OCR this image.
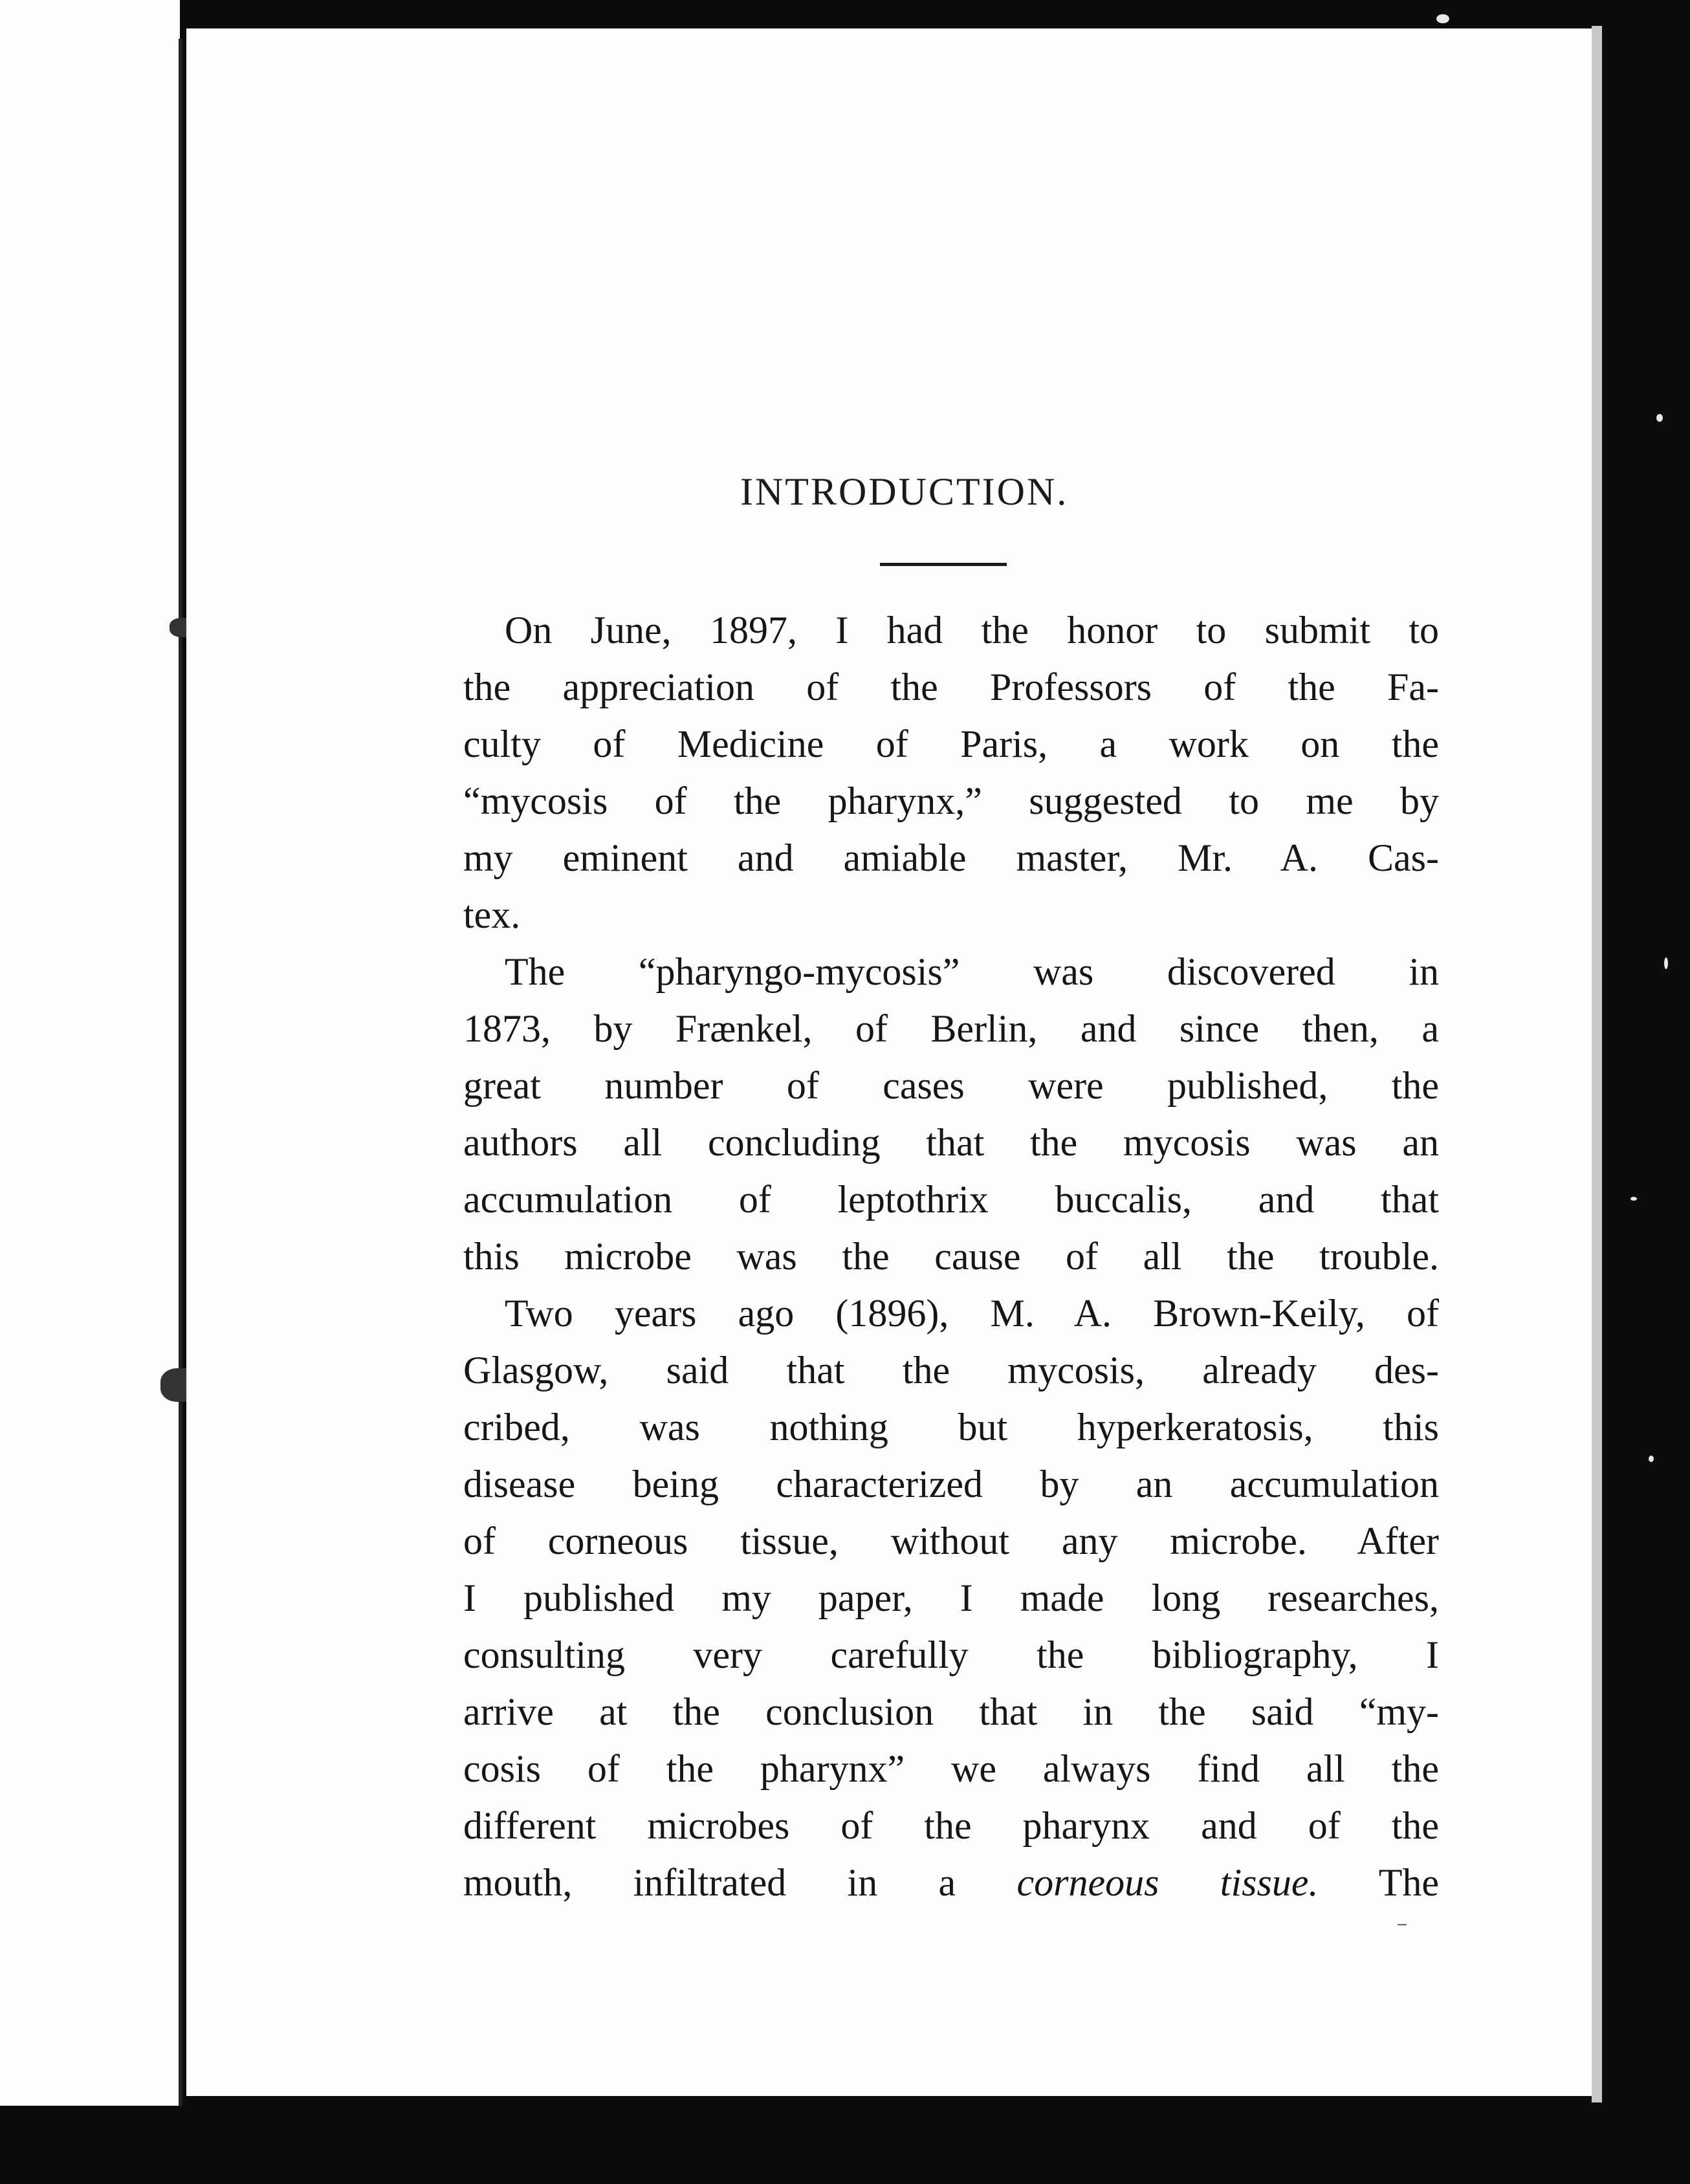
INTRODUCTION.
On June, 1897, I had the honor to submit to
the appreciation of the Professors of the Fa-
culty of Medicine of Paris, a work on the
“mycosis of the pharynx,” suggested to me by
my eminent and amiable master, Mr. A. Cas-
tex.
The “pharyngo-mycosis” was discovered in
1873, by Frænkel, of Berlin, and since then, a
great number of cases were published, the
authors all concluding that the mycosis was an
accumulation of leptothrix buccalis, and that
this microbe was the cause of all the trouble.
Two years ago (1896), M. A. Brown-Keily, of
Glasgow, said that the mycosis, already des-
cribed, was nothing but hyperkeratosis, this
disease being characterized by an accumulation
of corneous tissue, without any microbe. After
I published my paper, I made long researches,
consulting very carefully the bibliography, I
arrive at the conclusion that in the said “my-
cosis of the pharynx” we always find all the
different microbes of the pharynx and of the
mouth, infiltrated in a corneous tissue. The
⎯
